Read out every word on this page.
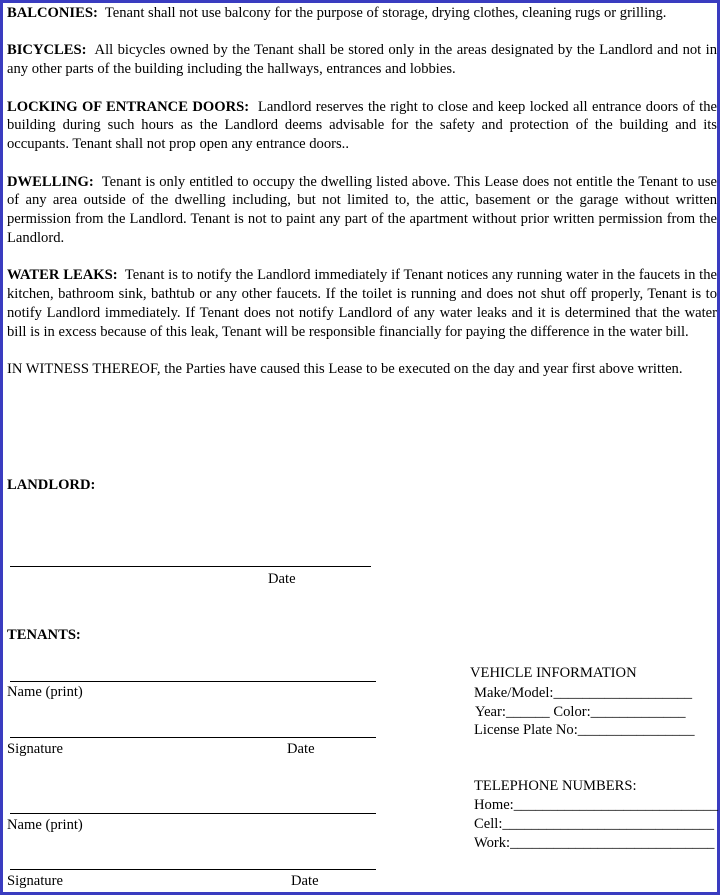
BALCONIES: Tenant shall not use balcony for the purpose of storage, drying clothes, cleaning rugs or grilling.

BICYCLES: All bicycles owned by the Tenant shall be stored only in the areas designated by the Landlord and not in any other parts of the building including the hallways, entrances and lobbies.

LOCKING OF ENTRANCE DOORS: Landlord reserves the right to close and keep locked all entrance doors of the building during such hours as the Landlord deems advisable for the safety and protection of the building and its occupants. Tenant shall not prop open any entrance doors..

DWELLING: Tenant is only entitled to occupy the dwelling listed above. This Lease does not entitle the Tenant to use of any area outside of the dwelling including, but not limited to, the attic, basement or the garage without written permission from the Landlord. Tenant is not to paint any part of the apartment without prior written permission from the Landlord.

WATER LEAKS: Tenant is to notify the Landlord immediately if Tenant notices any running water in the faucets in the kitchen, bathroom sink, bathtub or any other faucets. If the toilet is running and does not shut off properly, Tenant is to notify Landlord immediately. If Tenant does not notify Landlord of any water leaks and it is determined that the water bill is in excess because of this leak, Tenant will be responsible financially for paying the difference in the water bill.

IN WITNESS THEREOF, the Parties have caused this Lease to be executed on the day and year first above written.

LANDLORD:
Date
TENANTS:
Name (print)
Signature	Date
Name (print)
Signature	Date
VEHICLE INFORMATION
Make/Model:___________________
Year:______ Color:_____________
License Plate No:________________
TELEPHONE NUMBERS:
Home:____________________________
Cell:_____________________________
Work:____________________________
